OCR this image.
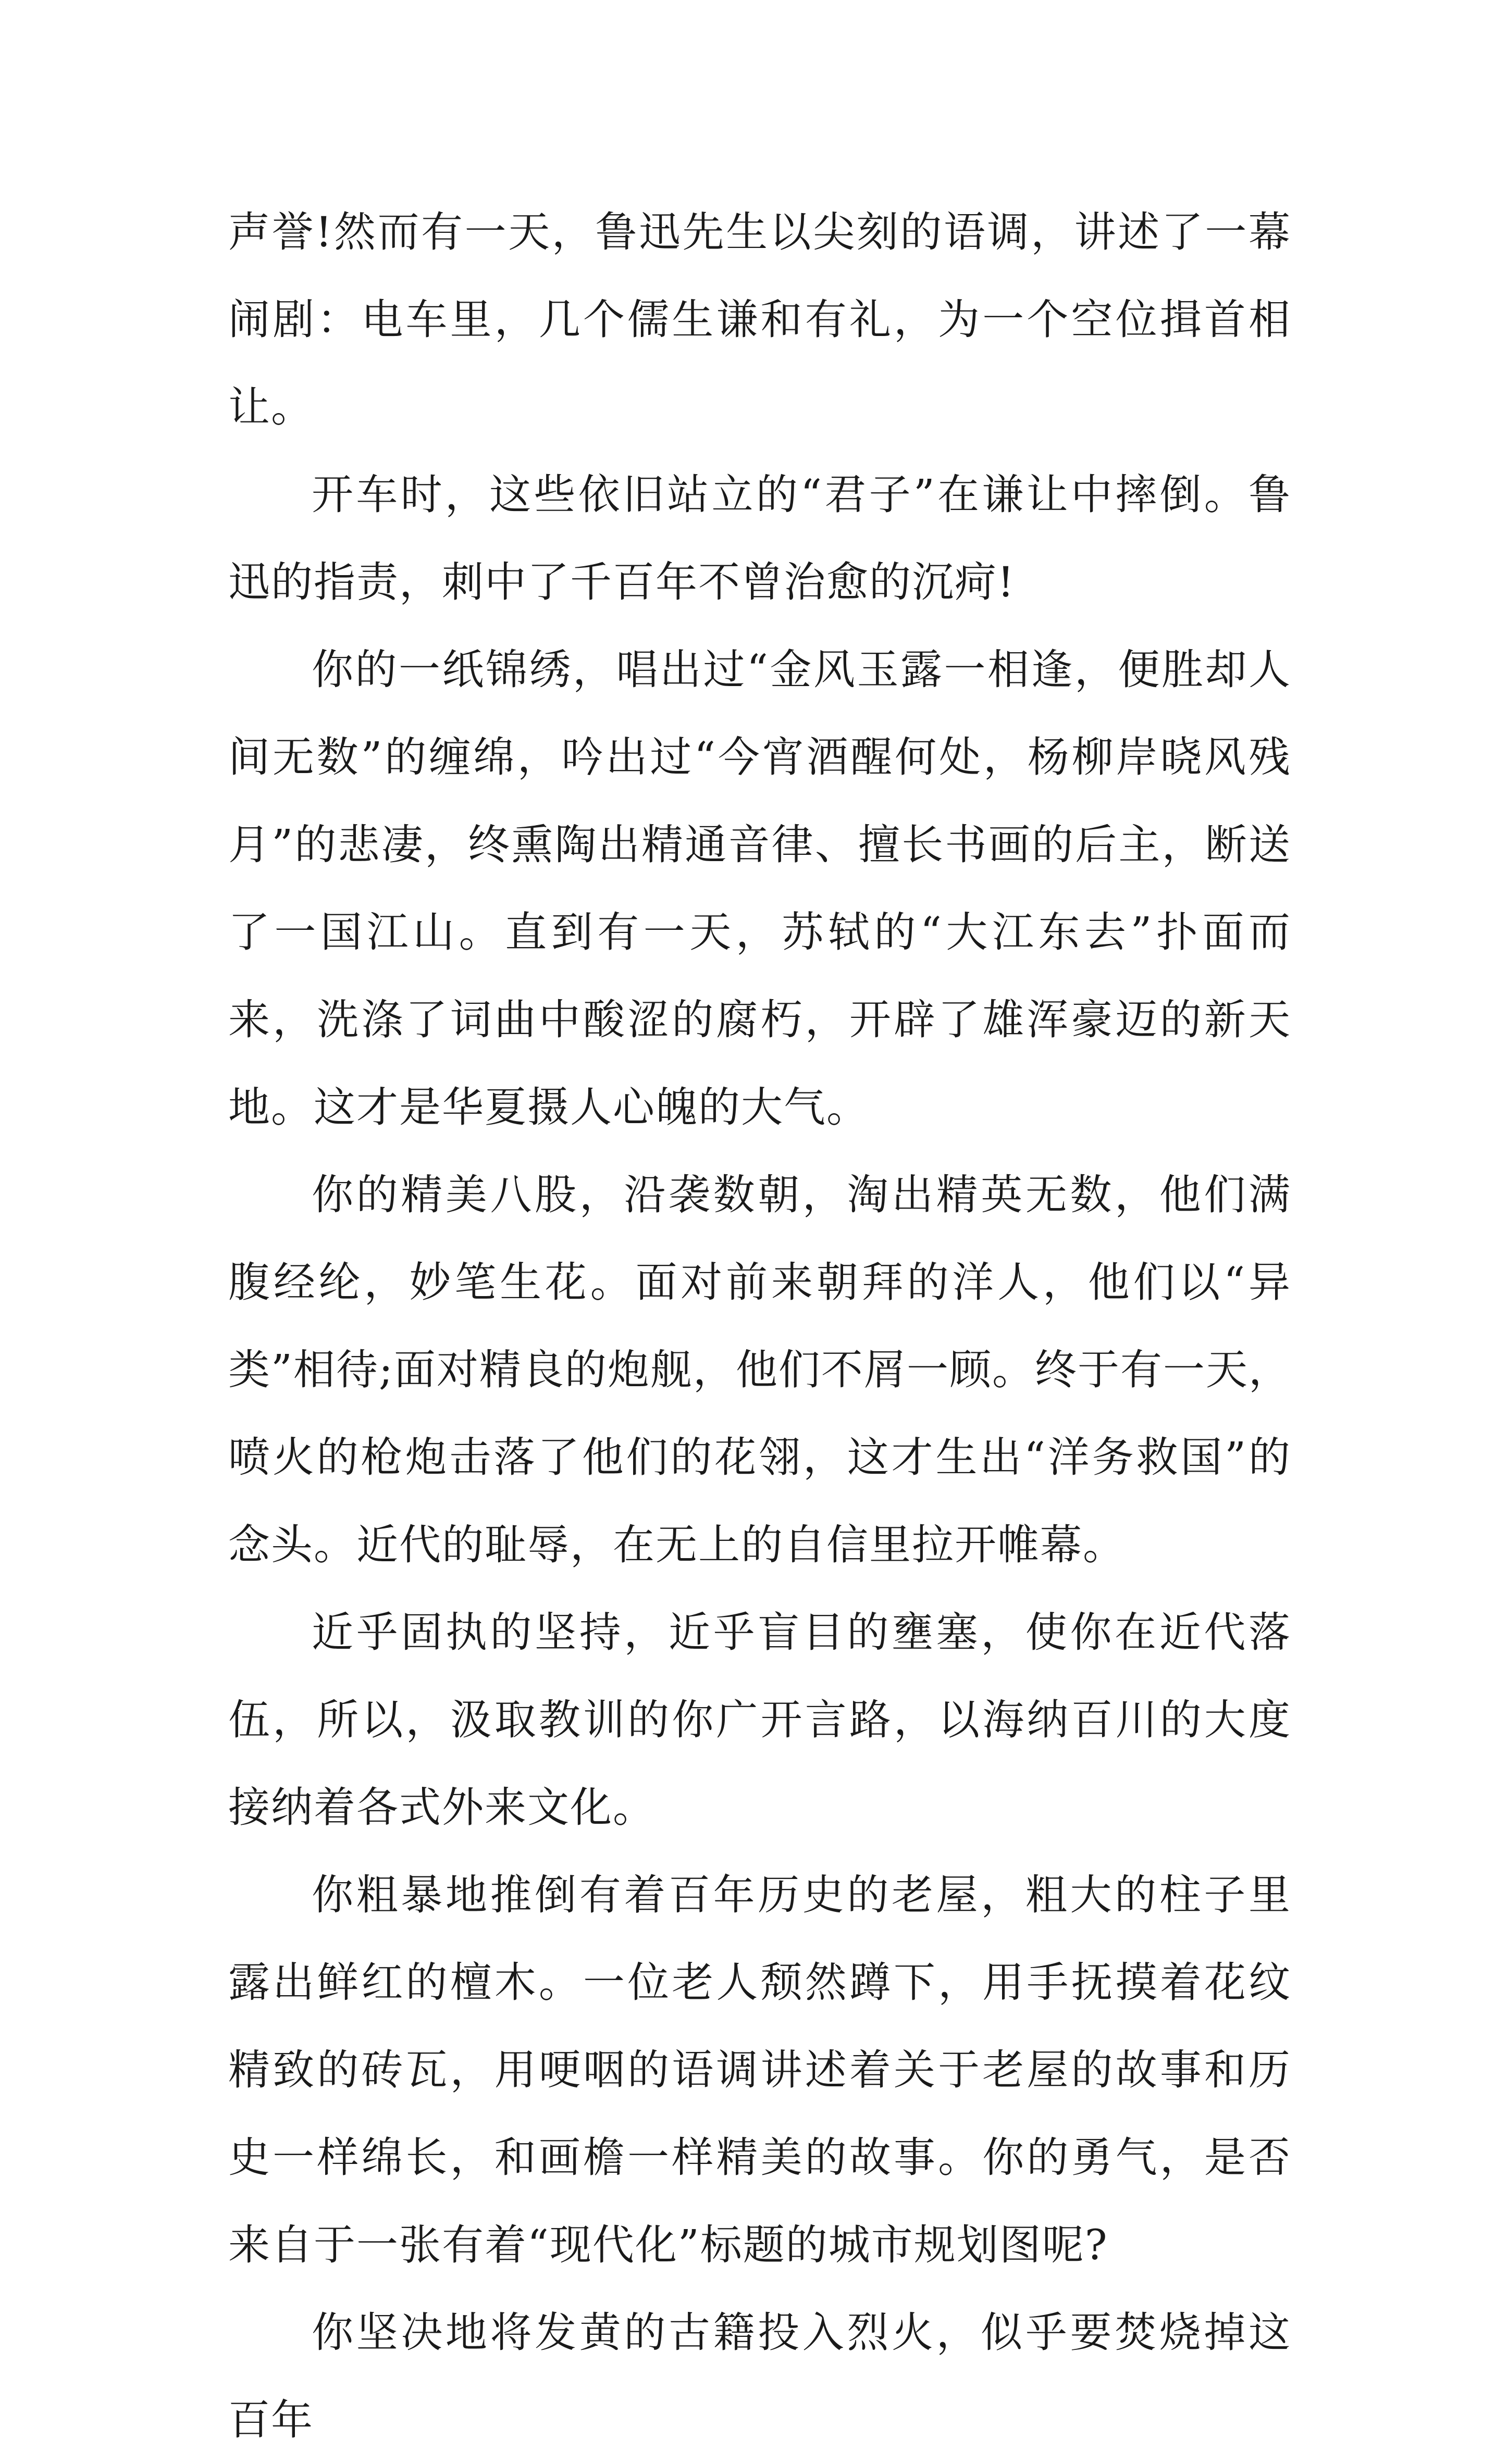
声誉!然而有一天，鲁迅先生以尖刻的语调，讲述了一幕闹剧：电车里，几个儒生谦和有礼，为一个空位揖首相让。

开车时，这些依旧站立的“君子”在谦让中摔倒。鲁迅的指责，刺中了千百年不曾治愈的沉疴!

你的一纸锦绣，唱出过“金风玉露一相逢，便胜却人间无数”的缠绵，吟出过“今宵酒醒何处，杨柳岸晓风残月”的悲凄，终熏陶出精通音律、擅长书画的后主，断送了一国江山。直到有一天，苏轼的“大江东去”扑面而来，洗涤了词曲中酸涩的腐朽，开辟了雄浑豪迈的新天地。这才是华夏摄人心魄的大气。

你的精美八股，沿袭数朝，淘出精英无数，他们满腹经纶，妙笔生花。面对前来朝拜的洋人，他们以“异类”相待;面对精良的炮舰，他们不屑一顾。终于有一天，喷火的枪炮击落了他们的花翎，这才生出“洋务救国”的念头。近代的耻辱，在无上的自信里拉开帷幕。

近乎固执的坚持，近乎盲目的壅塞，使你在近代落伍，所以，汲取教训的你广开言路，以海纳百川的大度接纳着各式外来文化。

你粗暴地推倒有着百年历史的老屋，粗大的柱子里露出鲜红的檀木。一位老人颓然蹲下，用手抚摸着花纹精致的砖瓦，用哽咽的语调讲述着关于老屋的故事和历史一样绵长，和画檐一样精美的故事。你的勇气，是否来自于一张有着“现代化”标题的城市规划图呢?

你坚决地将发黄的古籍投入烈火，似乎要焚烧掉这百年
